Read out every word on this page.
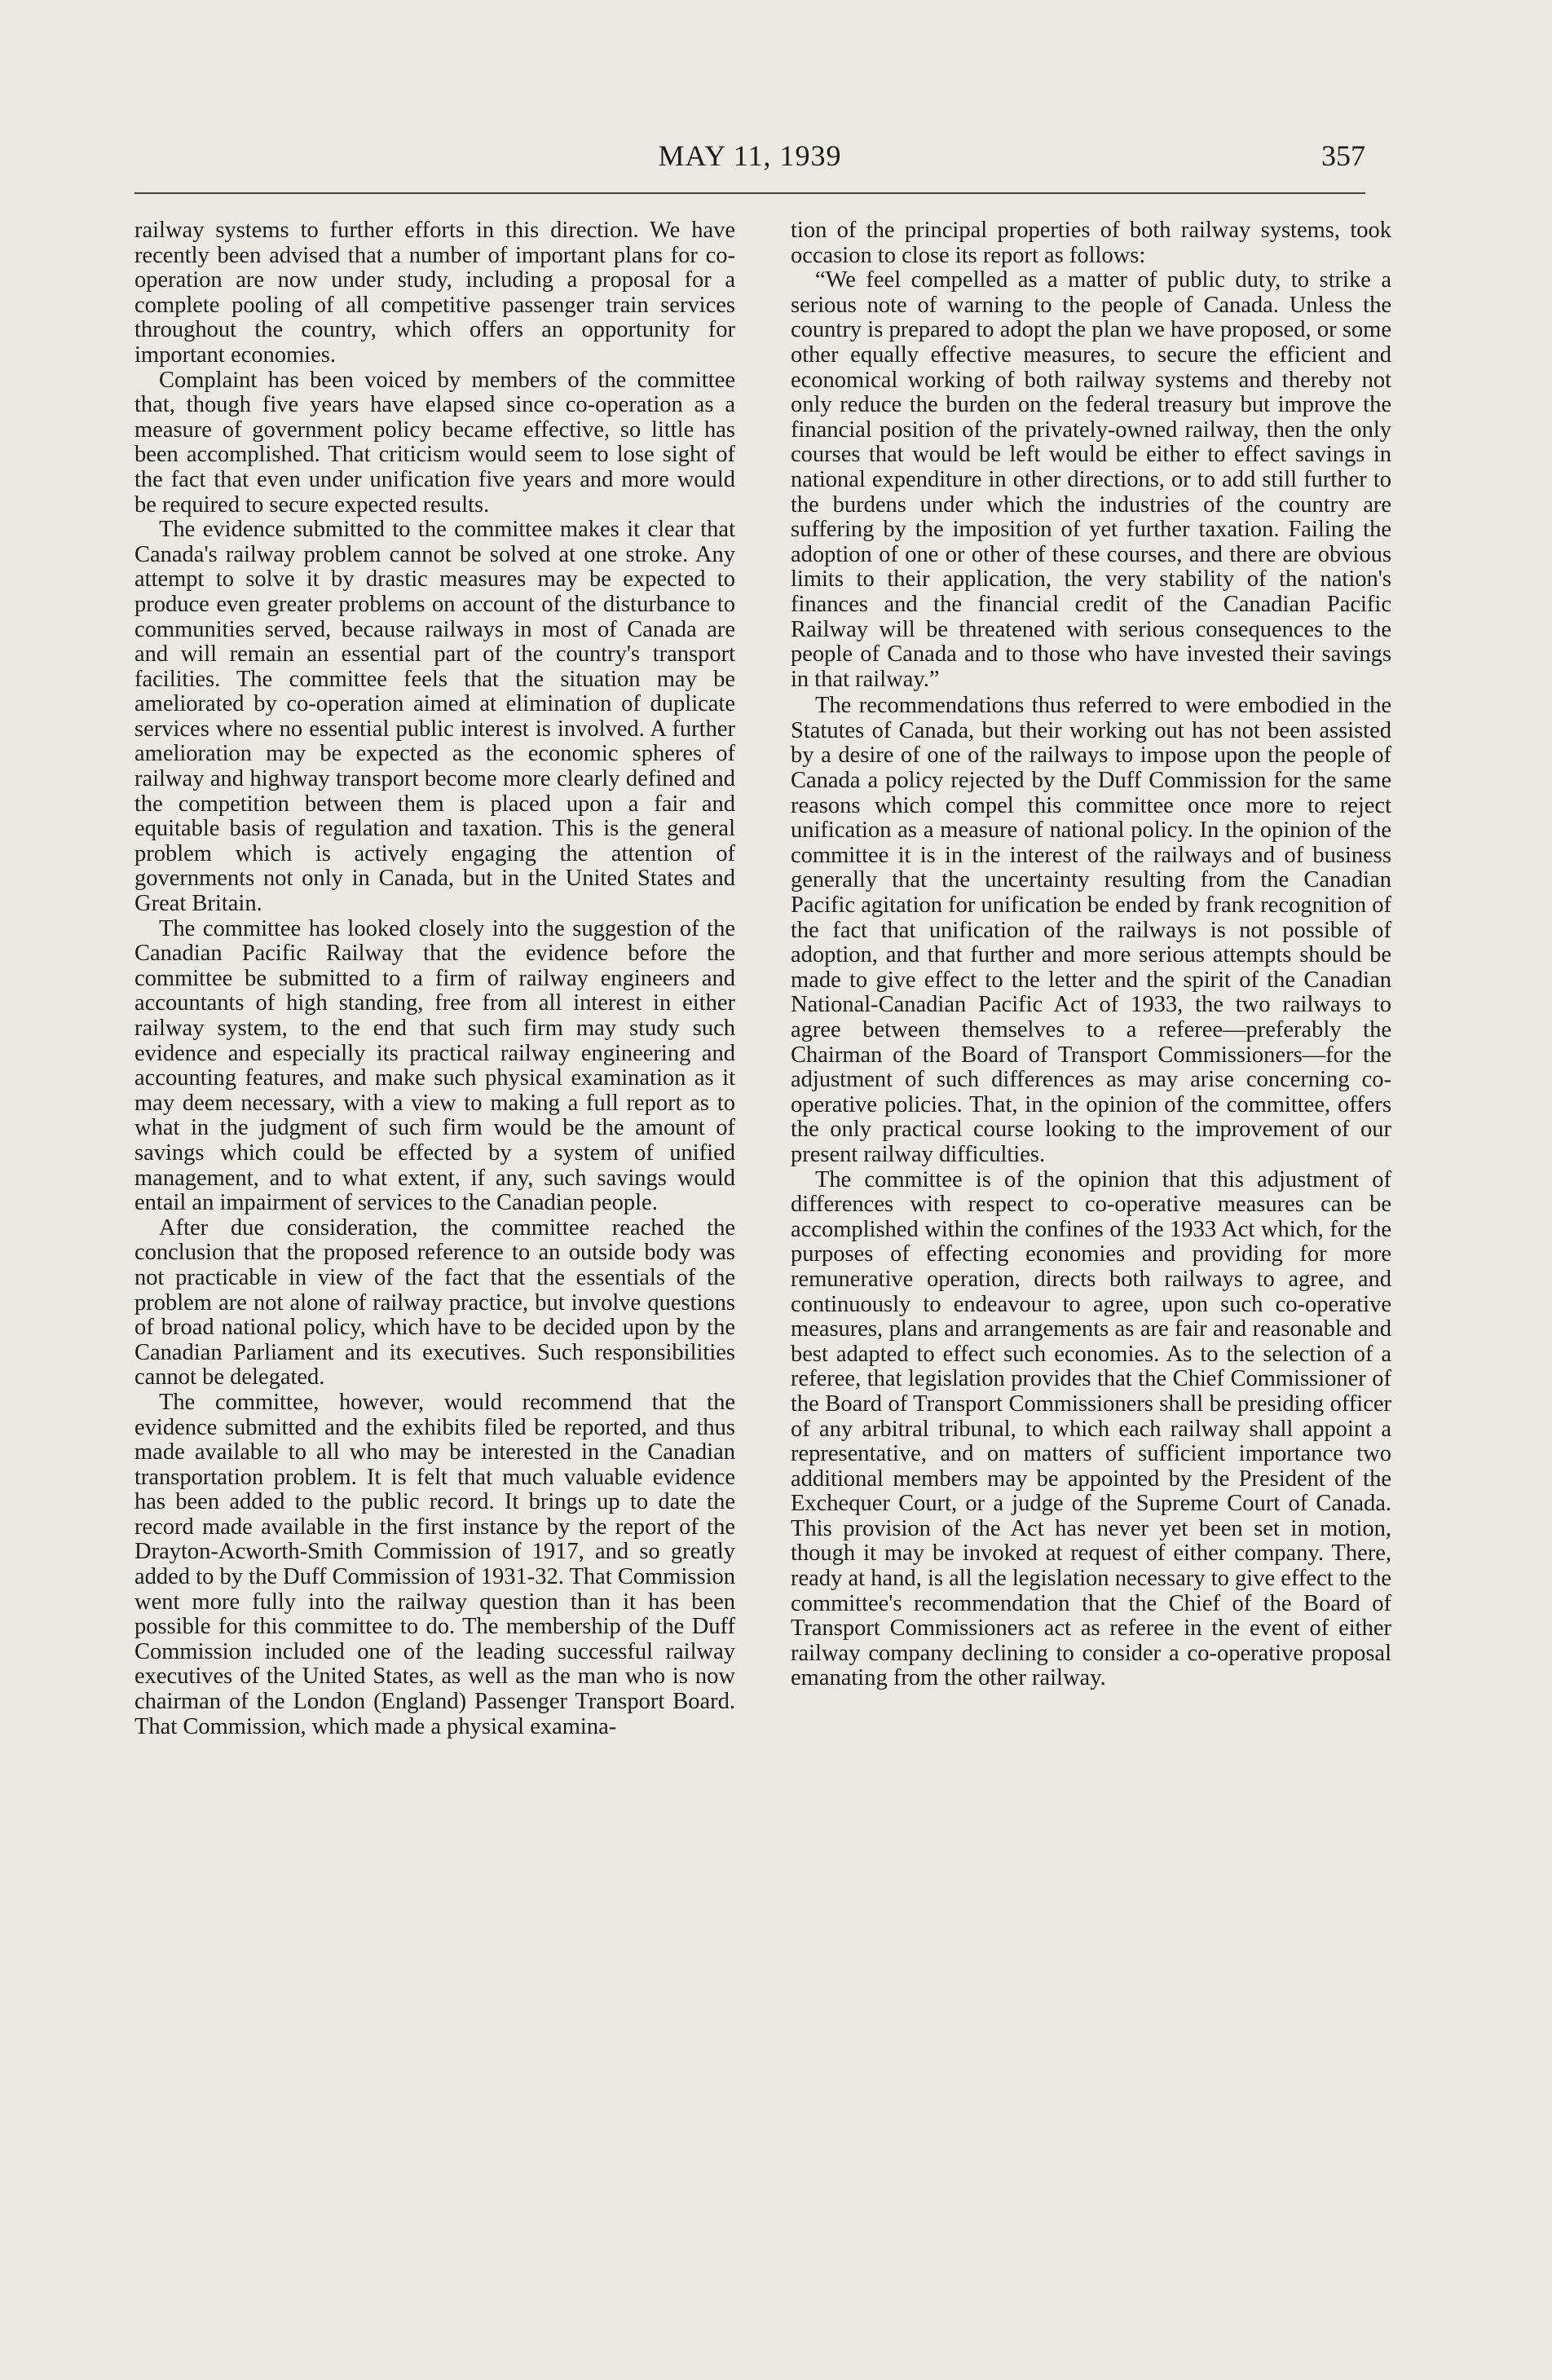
MAY 11, 1939	357

railway systems to further efforts in this direction. We have recently been advised that a number of important plans for co-operation are now under study, including a proposal for a complete pooling of all competitive passenger train services throughout the country, which offers an opportunity for important economies.

Complaint has been voiced by members of the committee that, though five years have elapsed since co-operation as a measure of government policy became effective, so little has been accomplished. That criticism would seem to lose sight of the fact that even under unification five years and more would be required to secure expected results.

The evidence submitted to the committee makes it clear that Canada's railway problem cannot be solved at one stroke. Any attempt to solve it by drastic measures may be expected to produce even greater problems on account of the disturbance to communities served, because railways in most of Canada are and will remain an essential part of the country's transport facilities. The committee feels that the situation may be ameliorated by co-operation aimed at elimination of duplicate services where no essential public interest is involved. A further amelioration may be expected as the economic spheres of railway and highway transport become more clearly defined and the competition between them is placed upon a fair and equitable basis of regulation and taxation. This is the general problem which is actively engaging the attention of governments not only in Canada, but in the United States and Great Britain.

The committee has looked closely into the suggestion of the Canadian Pacific Railway that the evidence before the committee be submitted to a firm of railway engineers and accountants of high standing, free from all interest in either railway system, to the end that such firm may study such evidence and especially its practical railway engineering and accounting features, and make such physical examination as it may deem necessary, with a view to making a full report as to what in the judgment of such firm would be the amount of savings which could be effected by a system of unified management, and to what extent, if any, such savings would entail an impairment of services to the Canadian people.

After due consideration, the committee reached the conclusion that the proposed reference to an outside body was not practicable in view of the fact that the essentials of the problem are not alone of railway practice, but involve questions of broad national policy, which have to be decided upon by the Canadian Parliament and its executives. Such responsibilities cannot be delegated.

The committee, however, would recommend that the evidence submitted and the exhibits filed be reported, and thus made available to all who may be interested in the Canadian transportation problem. It is felt that much valuable evidence has been added to the public record. It brings up to date the record made available in the first instance by the report of the Drayton-Acworth-Smith Commission of 1917, and so greatly added to by the Duff Commission of 1931-32. That Commission went more fully into the railway question than it has been possible for this committee to do. The membership of the Duff Commission included one of the leading successful railway executives of the United States, as well as the man who is now chairman of the London (England) Passenger Transport Board. That Commission, which made a physical examina-

tion of the principal properties of both railway systems, took occasion to close its report as follows:

“We feel compelled as a matter of public duty, to strike a serious note of warning to the people of Canada. Unless the country is prepared to adopt the plan we have proposed, or some other equally effective measures, to secure the efficient and economical working of both railway systems and thereby not only reduce the burden on the federal treasury but improve the financial position of the privately-owned railway, then the only courses that would be left would be either to effect savings in national expenditure in other directions, or to add still further to the burdens under which the industries of the country are suffering by the imposition of yet further taxation. Failing the adoption of one or other of these courses, and there are obvious limits to their application, the very stability of the nation's finances and the financial credit of the Canadian Pacific Railway will be threatened with serious consequences to the people of Canada and to those who have invested their savings in that railway.”

The recommendations thus referred to were embodied in the Statutes of Canada, but their working out has not been assisted by a desire of one of the railways to impose upon the people of Canada a policy rejected by the Duff Commission for the same reasons which compel this committee once more to reject unification as a measure of national policy. In the opinion of the committee it is in the interest of the railways and of business generally that the uncertainty resulting from the Canadian Pacific agitation for unification be ended by frank recognition of the fact that unification of the railways is not possible of adoption, and that further and more serious attempts should be made to give effect to the letter and the spirit of the Canadian National-Canadian Pacific Act of 1933, the two railways to agree between themselves to a referee—preferably the Chairman of the Board of Transport Commissioners—for the adjustment of such differences as may arise concerning co-operative policies. That, in the opinion of the committee, offers the only practical course looking to the improvement of our present railway difficulties.

The committee is of the opinion that this adjustment of differences with respect to co-operative measures can be accomplished within the confines of the 1933 Act which, for the purposes of effecting economies and providing for more remunerative operation, directs both railways to agree, and continuously to endeavour to agree, upon such co-operative measures, plans and arrangements as are fair and reasonable and best adapted to effect such economies. As to the selection of a referee, that legislation provides that the Chief Commissioner of the Board of Transport Commissioners shall be presiding officer of any arbitral tribunal, to which each railway shall appoint a representative, and on matters of sufficient importance two additional members may be appointed by the President of the Exchequer Court, or a judge of the Supreme Court of Canada. This provision of the Act has never yet been set in motion, though it may be invoked at request of either company. There, ready at hand, is all the legislation necessary to give effect to the committee's recommendation that the Chief of the Board of Transport Commissioners act as referee in the event of either railway company declining to consider a co-operative proposal emanating from the other railway.
